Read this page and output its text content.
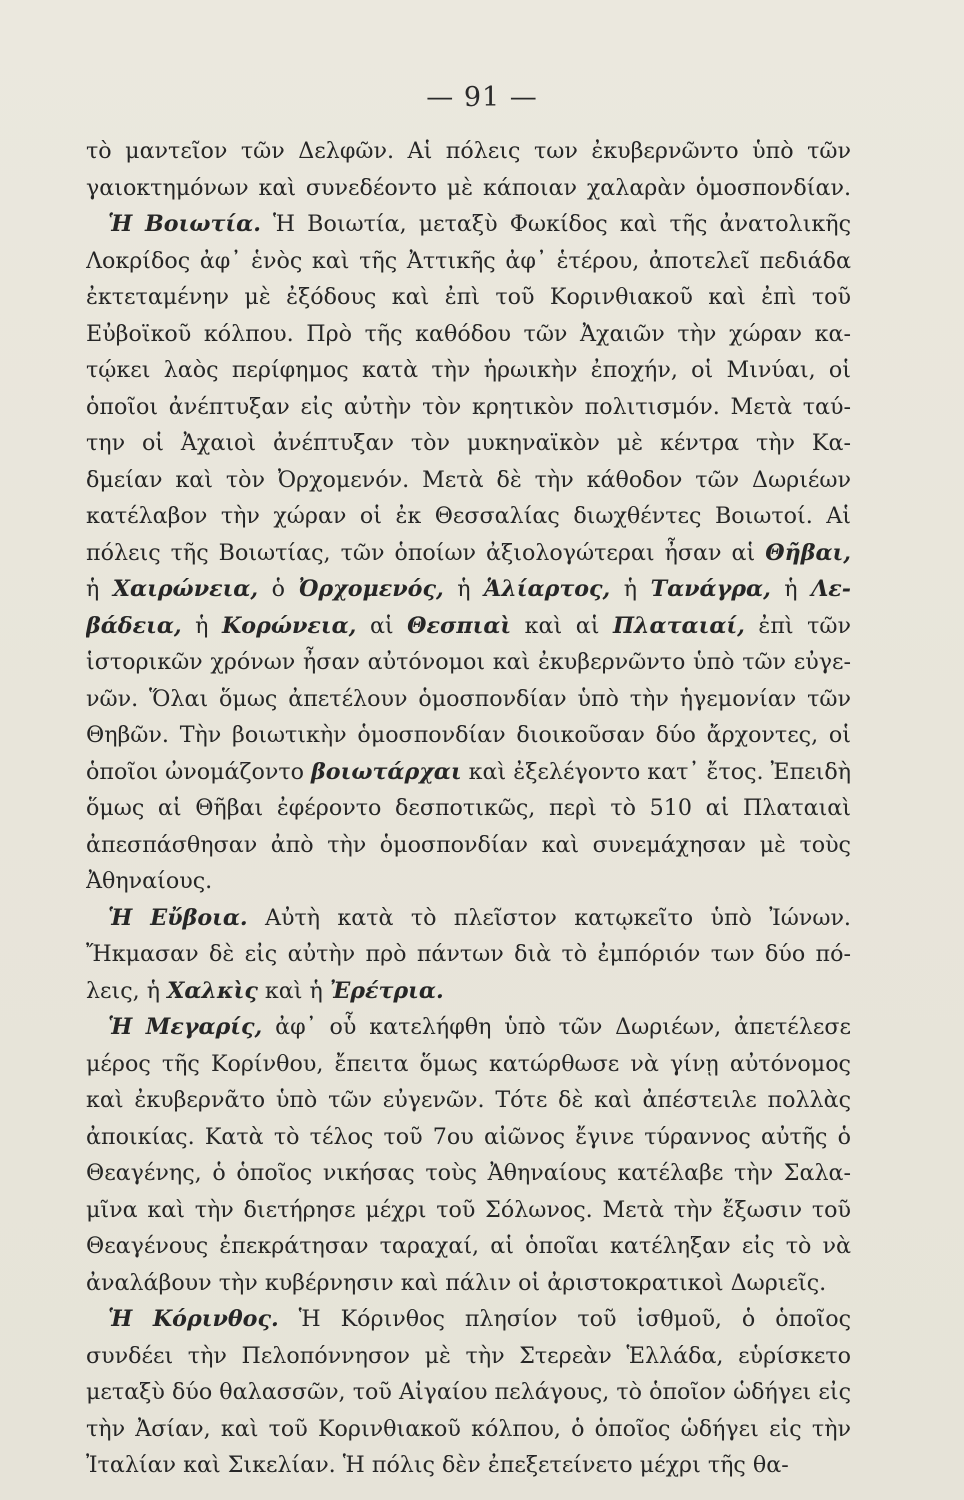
— 91 —
τὸ μαντεῖον τῶν Δελφῶν. Αἱ πόλεις των ἐκυβερνῶντο ὑπὸ τῶν
γαιοκτημόνων καὶ συνεδέοντο μὲ κάποιαν χαλαρὰν ὁμοσπονδίαν.
Ἡ Βοιωτία. Ἡ Βοιωτία, μεταξὺ Φωκίδος καὶ τῆς ἀνατολικῆς
Λοκρίδος ἀφ᾽ ἑνὸς καὶ τῆς Ἀττικῆς ἀφ᾽ ἑτέρου, ἀποτελεῖ πεδιάδα
ἐκτεταμένην μὲ ἐξόδους καὶ ἐπὶ τοῦ Κορινθιακοῦ καὶ ἐπὶ τοῦ
Εὐβοϊκοῦ κόλπου. Πρὸ τῆς καθόδου τῶν Ἀχαιῶν τὴν χώραν κα-
τῴκει λαὸς περίφημος κατὰ τὴν ἡρωικὴν ἐποχήν, οἱ Μινύαι, οἱ
ὁποῖοι ἀνέπτυξαν εἰς αὐτὴν τὸν κρητικὸν πολιτισμόν. Μετὰ ταύ-
την οἱ Ἀχαιοὶ ἀνέπτυξαν τὸν μυκηναϊκὸν μὲ κέντρα τὴν Κα-
δμείαν καὶ τὸν Ὀρχομενόν. Μετὰ δὲ τὴν κάθοδον τῶν Δωριέων
κατέλαβον τὴν χώραν οἱ ἐκ Θεσσαλίας διωχθέντες Βοιωτοί. Αἱ
πόλεις τῆς Βοιωτίας, τῶν ὁποίων ἀξιολογώτεραι ἦσαν αἱ Θῆβαι,
ἡ Χαιρώνεια, ὁ Ὀρχομενός, ἡ Ἁλίαρτος, ἡ Τανάγρα, ἡ Λε-
βάδεια, ἡ Κορώνεια, αἱ Θεσπιαὶ καὶ αἱ Πλαταιαί, ἐπὶ τῶν
ἱστορικῶν χρόνων ἦσαν αὐτόνομοι καὶ ἐκυβερνῶντο ὑπὸ τῶν εὐγε-
νῶν. Ὅλαι ὅμως ἀπετέλουν ὁμοσπονδίαν ὑπὸ τὴν ἡγεμονίαν τῶν
Θηβῶν. Τὴν βοιωτικὴν ὁμοσπονδίαν διοικοῦσαν δύο ἄρχοντες, οἱ
ὁποῖοι ὠνομάζοντο βοιωτάρχαι καὶ ἐξελέγοντο κατ᾽ ἔτος. Ἐπειδὴ
ὅμως αἱ Θῆβαι ἐφέροντο δεσποτικῶς, περὶ τὸ 510 αἱ Πλαταιαὶ
ἀπεσπάσθησαν ἀπὸ τὴν ὁμοσπονδίαν καὶ συνεμάχησαν μὲ τοὺς
Ἀθηναίους.
Ἡ Εὔβοια. Αὐτὴ κατὰ τὸ πλεῖστον κατῳκεῖτο ὑπὸ Ἰώνων.
Ἤκμασαν δὲ εἰς αὐτὴν πρὸ πάντων διὰ τὸ ἐμπόριόν των δύο πό-
λεις, ἡ Χαλκὶς καὶ ἡ Ἐρέτρια.
Ἡ Μεγαρίς, ἀφ᾽ οὗ κατελήφθη ὑπὸ τῶν Δωριέων, ἀπετέλεσε
μέρος τῆς Κορίνθου, ἔπειτα ὅμως κατώρθωσε νὰ γίνῃ αὐτόνομος
καὶ ἐκυβερνᾶτο ὑπὸ τῶν εὐγενῶν. Τότε δὲ καὶ ἀπέστειλε πολλὰς
ἀποικίας. Κατὰ τὸ τέλος τοῦ 7ου αἰῶνος ἔγινε τύραννος αὐτῆς ὁ
Θεαγένης, ὁ ὁποῖος νικήσας τοὺς Ἀθηναίους κατέλαβε τὴν Σαλα-
μῖνα καὶ τὴν διετήρησε μέχρι τοῦ Σόλωνος. Μετὰ τὴν ἔξωσιν τοῦ
Θεαγένους ἐπεκράτησαν ταραχαί, αἱ ὁποῖαι κατέληξαν εἰς τὸ νὰ
ἀναλάβουν τὴν κυβέρνησιν καὶ πάλιν οἱ ἀριστοκρατικοὶ Δωριεῖς.
Ἡ Κόρινθος. Ἡ Κόρινθος πλησίον τοῦ ἰσθμοῦ, ὁ ὁποῖος
συνδέει τὴν Πελοπόννησον μὲ τὴν Στερεὰν Ἑλλάδα, εὑρίσκετο
μεταξὺ δύο θαλασσῶν, τοῦ Αἰγαίου πελάγους, τὸ ὁποῖον ὡδήγει εἰς
τὴν Ἀσίαν, καὶ τοῦ Κορινθιακοῦ κόλπου, ὁ ὁποῖος ὡδήγει εἰς τὴν
Ἰταλίαν καὶ Σικελίαν. Ἡ πόλις δὲν ἐπεξετείνετο μέχρι τῆς θα-
